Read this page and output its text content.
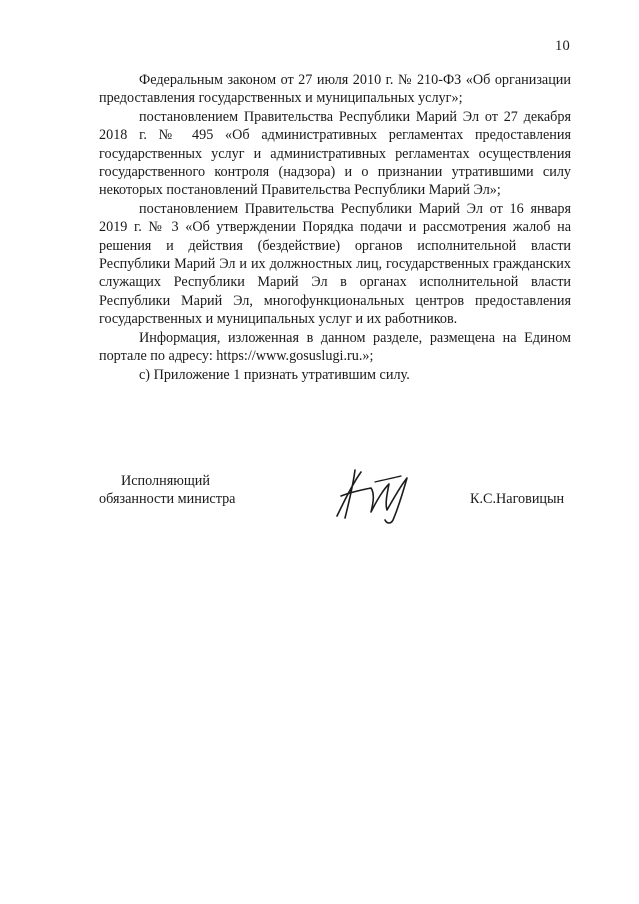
10

Федеральным законом от 27 июля 2010 г. № 210-ФЗ «Об организации предоставления государственных и муниципальных услуг»;

постановлением Правительства Республики Марий Эл от 27 декабря 2018 г. № 495 «Об административных регламентах предоставления государственных услуг и административных регламентах осуществления государственного контроля (надзора) и о признании утратившими силу некоторых постановлений Правительства Республики Марий Эл»;

постановлением Правительства Республики Марий Эл от 16 января 2019 г. № 3 «Об утверждении Порядка подачи и рассмотрения жалоб на решения и действия (бездействие) органов исполнительной власти Республики Марий Эл и их должностных лиц, государственных гражданских служащих Республики Марий Эл в органах исполнительной власти Республики Марий Эл, многофункциональных центров предоставления государственных и муниципальных услуг и их работников.

Информация, изложенная в данном разделе, размещена на Едином портале по адресу: https://www.gosuslugi.ru.»;

с) Приложение 1 признать утратившим силу.

Исполняющий
обязанности министра	К.С.Наговицын
